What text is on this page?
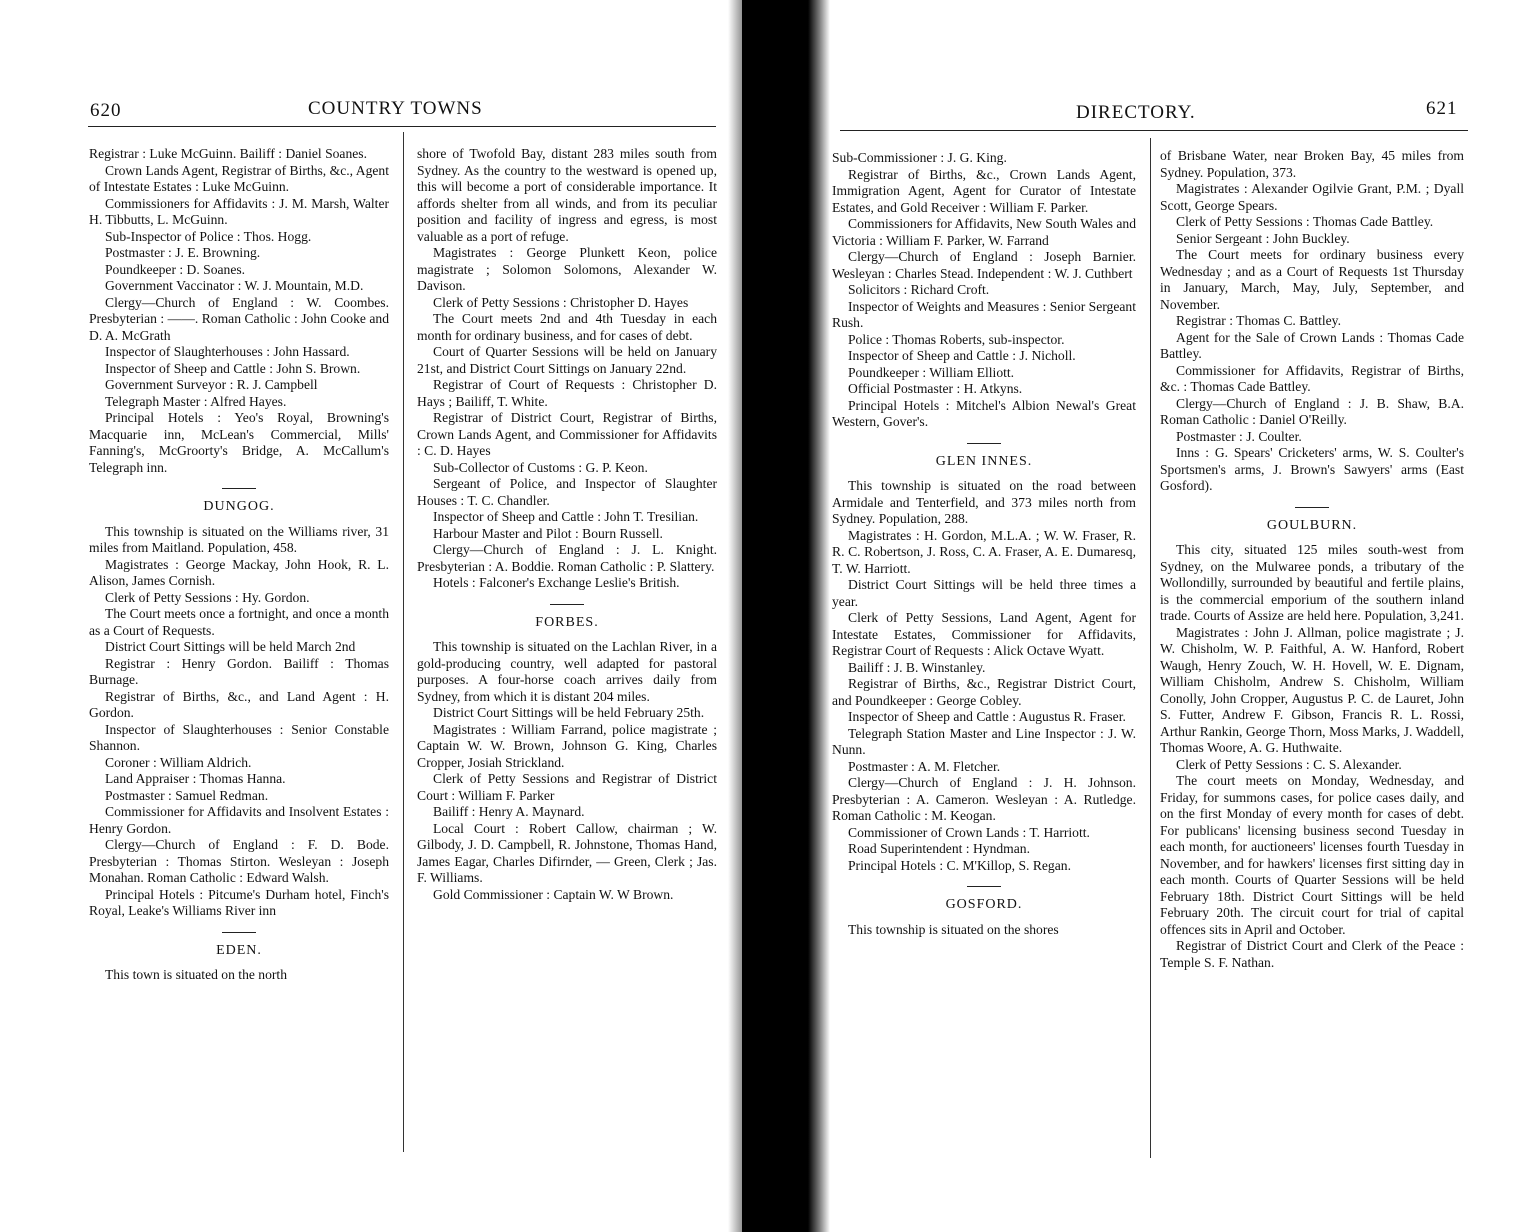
620	COUNTRY TOWNS

Registrar : Luke McGuinn. Bailiff : Daniel Soanes.

Crown Lands Agent, Registrar of Births, &c., Agent of Intestate Estates : Luke McGuinn.

Commissioners for Affidavits : J. M. Marsh, Walter H. Tibbutts, L. McGuinn.

Sub-Inspector of Police : Thos. Hogg.

Postmaster : J. E. Browning.

Poundkeeper : D. Soanes.

Government Vaccinator : W. J. Mountain, M.D.

Clergy—Church of England : W. Coombes. Presbyterian : ——. Roman Catholic : John Cooke and D. A. McGrath

Inspector of Slaughterhouses : John Hassard.

Inspector of Sheep and Cattle : John S. Brown.

Government Surveyor : R. J. Campbell

Telegraph Master : Alfred Hayes.

Principal Hotels : Yeo's Royal, Browning's Macquarie inn, McLean's Commercial, Mills' Fanning's, McGroorty's Bridge, A. McCallum's Telegraph inn.

DUNGOG.

This township is situated on the Williams river, 31 miles from Maitland. Population, 458.

Magistrates : George Mackay, John Hook, R. L. Alison, James Cornish.

Clerk of Petty Sessions : Hy. Gordon.

The Court meets once a fortnight, and once a month as a Court of Requests.

District Court Sittings will be held March 2nd

Registrar : Henry Gordon. Bailiff : Thomas Burnage.

Registrar of Births, &c., and Land Agent : H. Gordon.

Inspector of Slaughterhouses : Senior Constable Shannon.

Coroner : William Aldrich.

Land Appraiser : Thomas Hanna.

Postmaster : Samuel Redman.

Commissioner for Affidavits and Insolvent Estates : Henry Gordon.

Clergy—Church of England : F. D. Bode. Presbyterian : Thomas Stirton. Wesleyan : Joseph Monahan. Roman Catholic : Edward Walsh.

Principal Hotels : Pitcume's Durham hotel, Finch's Royal, Leake's Williams River inn

EDEN.

This town is situated on the north

shore of Twofold Bay, distant 283 miles south from Sydney. As the country to the westward is opened up, this will become a port of considerable importance. It affords shelter from all winds, and from its peculiar position and facility of ingress and egress, is most valuable as a port of refuge.

Magistrates : George Plunkett Keon, police magistrate ; Solomon Solomons, Alexander W. Davison.

Clerk of Petty Sessions : Christopher D. Hayes

The Court meets 2nd and 4th Tuesday in each month for ordinary business, and for cases of debt.

Court of Quarter Sessions will be held on January 21st, and District Court Sittings on January 22nd.

Registrar of Court of Requests : Christopher D. Hays ; Bailiff, T. White.

Registrar of District Court, Registrar of Births, Crown Lands Agent, and Commissioner for Affidavits : C. D. Hayes

Sub-Collector of Customs : G. P. Keon.

Sergeant of Police, and Inspector of Slaughter Houses : T. C. Chandler.

Inspector of Sheep and Cattle : John T. Tresilian.

Harbour Master and Pilot : Bourn Russell.

Clergy—Church of England : J. L. Knight. Presbyterian : A. Boddie. Roman Catholic : P. Slattery.

Hotels : Falconer's Exchange Leslie's British.

FORBES.

This township is situated on the Lachlan River, in a gold-producing country, well adapted for pastoral purposes. A four-horse coach arrives daily from Sydney, from which it is distant 204 miles.

District Court Sittings will be held February 25th.

Magistrates : William Farrand, police magistrate ; Captain W. W. Brown, Johnson G. King, Charles Cropper, Josiah Strickland.

Clerk of Petty Sessions and Registrar of District Court : William F. Parker

Bailiff : Henry A. Maynard.

Local Court : Robert Callow, chairman ; W. Gilbody, J. D. Campbell, R. Johnstone, Thomas Hand, James Eagar, Charles Difirnder, — Green, Clerk ; Jas. F. Williams.

Gold Commissioner : Captain W. W Brown.

DIRECTORY.	621

Sub-Commissioner : J. G. King.

Registrar of Births, &c., Crown Lands Agent, Immigration Agent, Agent for Curator of Intestate Estates, and Gold Receiver : William F. Parker.

Commissioners for Affidavits, New South Wales and Victoria : William F. Parker, W. Farrand

Clergy—Church of England : Joseph Barnier. Wesleyan : Charles Stead. Independent : W. J. Cuthbert

Solicitors : Richard Croft.

Inspector of Weights and Measures : Senior Sergeant Rush.

Police : Thomas Roberts, sub-inspector.

Inspector of Sheep and Cattle : J. Nicholl.

Poundkeeper : William Elliott.

Official Postmaster : H. Atkyns.

Principal Hotels : Mitchel's Albion Newal's Great Western, Gover's.

GLEN INNES.

This township is situated on the road between Armidale and Tenterfield, and 373 miles north from Sydney. Population, 288.

Magistrates : H. Gordon, M.L.A. ; W. W. Fraser, R. R. C. Robertson, J. Ross, C. A. Fraser, A. E. Dumaresq, T. W. Harriott.

District Court Sittings will be held three times a year.

Clerk of Petty Sessions, Land Agent, Agent for Intestate Estates, Commissioner for Affidavits, Registrar Court of Requests : Alick Octave Wyatt.

Bailiff : J. B. Winstanley.

Registrar of Births, &c., Registrar District Court, and Poundkeeper : George Cobley.

Inspector of Sheep and Cattle : Augustus R. Fraser.

Telegraph Station Master and Line Inspector : J. W. Nunn.

Postmaster : A. M. Fletcher.

Clergy—Church of England : J. H. Johnson. Presbyterian : A. Cameron. Wesleyan : A. Rutledge. Roman Catholic : M. Keogan.

Commissioner of Crown Lands : T. Harriott.

Road Superintendent : Hyndman.

Principal Hotels : C. M'Killop, S. Regan.

GOSFORD.

This township is situated on the shores

of Brisbane Water, near Broken Bay, 45 miles from Sydney. Population, 373.

Magistrates : Alexander Ogilvie Grant, P.M. ; Dyall Scott, George Spears.

Clerk of Petty Sessions : Thomas Cade Battley.

Senior Sergeant : John Buckley.

The Court meets for ordinary business every Wednesday ; and as a Court of Requests 1st Thursday in January, March, May, July, September, and November.

Registrar : Thomas C. Battley.

Agent for the Sale of Crown Lands : Thomas Cade Battley.

Commissioner for Affidavits, Registrar of Births, &c. : Thomas Cade Battley.

Clergy—Church of England : J. B. Shaw, B.A. Roman Catholic : Daniel O'Reilly.

Postmaster : J. Coulter.

Inns : G. Spears' Cricketers' arms, W. S. Coulter's Sportsmen's arms, J. Brown's Sawyers' arms (East Gosford).

GOULBURN.

This city, situated 125 miles south-west from Sydney, on the Mulwaree ponds, a tributary of the Wollondilly, surrounded by beautiful and fertile plains, is the commercial emporium of the southern inland trade. Courts of Assize are held here. Population, 3,241.

Magistrates : John J. Allman, police magistrate ; J. W. Chisholm, W. P. Faithful, A. W. Hanford, Robert Waugh, Henry Zouch, W. H. Hovell, W. E. Dignam, William Chisholm, Andrew S. Chisholm, William Conolly, John Cropper, Augustus P. C. de Lauret, John S. Futter, Andrew F. Gibson, Francis R. L. Rossi, Arthur Rankin, George Thorn, Moss Marks, J. Waddell, Thomas Woore, A. G. Huthwaite.

Clerk of Petty Sessions : C. S. Alexander.

The court meets on Monday, Wednesday, and Friday, for summons cases, for police cases daily, and on the first Monday of every month for cases of debt. For publicans' licensing business second Tuesday in each month, for auctioneers' licenses fourth Tuesday in November, and for hawkers' licenses first sitting day in each month. Courts of Quarter Sessions will be held February 18th. District Court Sittings will be held February 20th. The circuit court for trial of capital offences sits in April and October.

Registrar of District Court and Clerk of the Peace : Temple S. F. Nathan.
